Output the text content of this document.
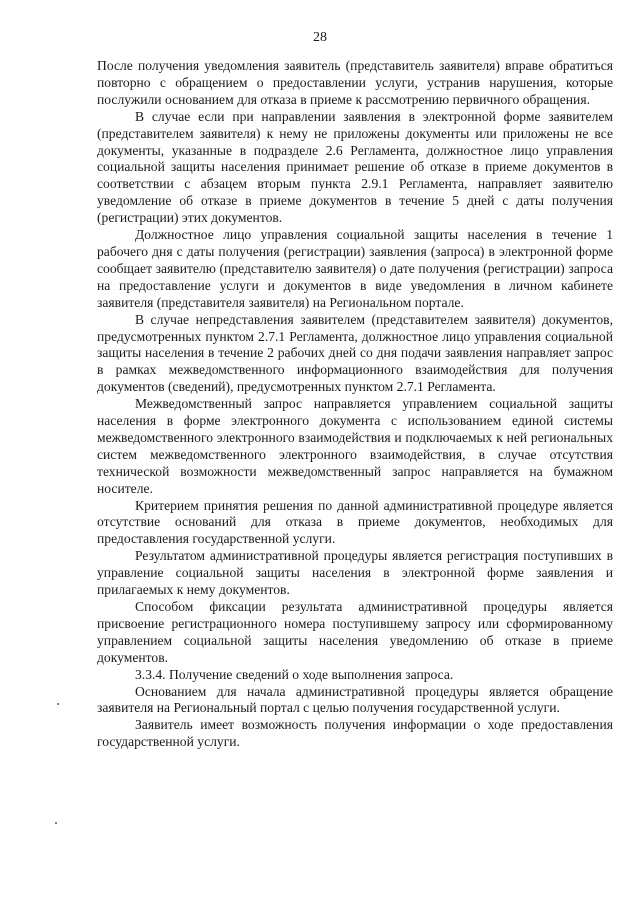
28

После получения уведомления заявитель (представитель заявителя) вправе обратиться повторно с обращением о предоставлении услуги, устранив нарушения, которые послужили основанием для отказа в приеме к рассмотрению первичного обращения.

В случае если при направлении заявления в электронной форме заявителем (представителем заявителя) к нему не приложены документы или приложены не все документы, указанные в подразделе 2.6 Регламента, должностное лицо управления социальной защиты населения принимает решение об отказе в приеме документов в соответствии с абзацем вторым пункта 2.9.1 Регламента, направляет заявителю уведомление об отказе в приеме документов в течение 5 дней с даты получения (регистрации) этих документов.

Должностное лицо управления социальной защиты населения в течение 1 рабочего дня с даты получения (регистрации) заявления (запроса) в электронной форме сообщает заявителю (представителю заявителя) о дате получения (регистрации) запроса на предоставление услуги и документов в виде уведомления в личном кабинете заявителя (представителя заявителя) на Региональном портале.

В случае непредставления заявителем (представителем заявителя) документов, предусмотренных пунктом 2.7.1 Регламента, должностное лицо управления социальной защиты населения в течение 2 рабочих дней со дня подачи заявления направляет запрос в рамках межведомственного информационного взаимодействия для получения документов (сведений), предусмотренных пунктом 2.7.1 Регламента.

Межведомственный запрос направляется управлением социальной защиты населения в форме электронного документа с использованием единой системы межведомственного электронного взаимодействия и подключаемых к ней региональных систем межведомственного электронного взаимодействия, в случае отсутствия технической возможности межведомственный запрос направляется на бумажном носителе.

Критерием принятия решения по данной административной процедуре является отсутствие оснований для отказа в приеме документов, необходимых для предоставления государственной услуги.

Результатом административной процедуры является регистрация поступивших в управление социальной защиты населения в электронной форме заявления и прилагаемых к нему документов.

Способом фиксации результата административной процедуры является присвоение регистрационного номера поступившему запросу или сформированному управлением социальной защиты населения уведомлению об отказе в приеме документов.

3.3.4. Получение сведений о ходе выполнения запроса.

Основанием для начала административной процедуры является обращение заявителя на Региональный портал с целью получения государственной услуги.

Заявитель имеет возможность получения информации о ходе предоставления государственной услуги.
